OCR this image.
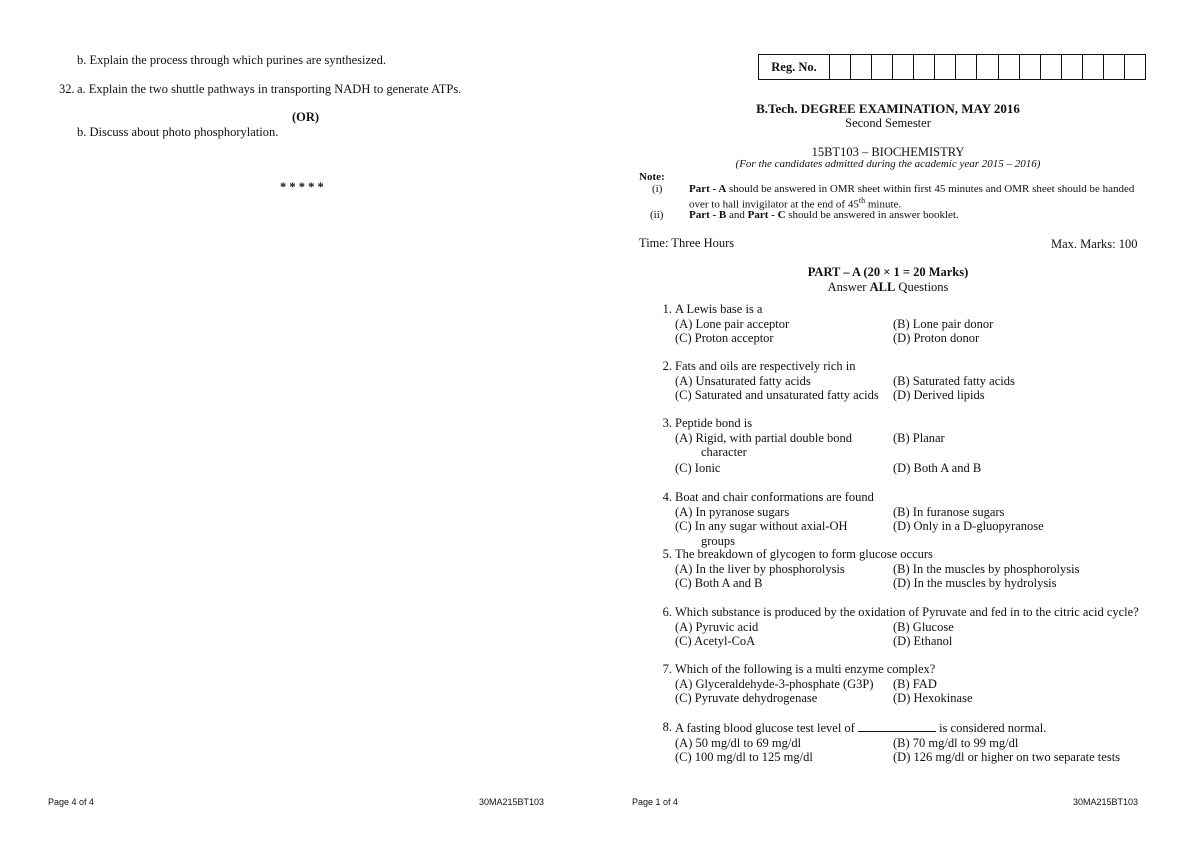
b. Explain the process through which purines are synthesized.
32. a. Explain the two shuttle pathways in transporting NADH to generate ATPs.
(OR)
b. Discuss about photo phosphorylation.
* * * * *
Page 4 of 4	30MA215BT103
Reg. No.
B.Tech. DEGREE EXAMINATION, MAY 2016
Second Semester
15BT103 – BIOCHEMISTRY
(For the candidates admitted during the academic year 2015 – 2016)
Note:
(i) Part - A should be answered in OMR sheet within first 45 minutes and OMR sheet should be handed
over to hall invigilator at the end of 45th minute.
(ii) Part - B and Part - C should be answered in answer booklet.
Time: Three Hours	Max. Marks: 100
PART – A (20 × 1 = 20 Marks)
Answer ALL Questions
1. A Lewis base is a
(A) Lone pair acceptor	(B) Lone pair donor
(C) Proton acceptor	(D) Proton donor
2. Fats and oils are respectively rich in
(A) Unsaturated fatty acids	(B) Saturated fatty acids
(C) Saturated and unsaturated fatty acids (D) Derived lipids
3. Peptide bond is
(A) Rigid, with partial double bond	(B) Planar
character
(C) Ionic	(D) Both A and B
4. Boat and chair conformations are found
(A) In pyranose sugars	(B) In furanose sugars
(C) In any sugar without axial-OH	(D) Only in a D-gluopyranose
groups
5. The breakdown of glycogen to form glucose occurs
(A) In the liver by phosphorolysis	(B) In the muscles by phosphorolysis
(C) Both A and B	(D) In the muscles by hydrolysis
6. Which substance is produced by the oxidation of Pyruvate and fed in to the citric acid cycle?
(A) Pyruvic acid	(B) Glucose
(C) Acetyl-CoA	(D) Ethanol
7. Which of the following is a multi enzyme complex?
(A) Glyceraldehyde-3-phosphate (G3P) (B) FAD
(C) Pyruvate dehydrogenase	(D) Hexokinase
8. A fasting blood glucose test level of	is considered normal.
(A) 50 mg/dl to 69 mg/dl	(B) 70 mg/dl to 99 mg/dl
(C) 100 mg/dl to 125 mg/dl	(D) 126 mg/dl or higher on two separate tests
Page 1 of 4	30MA215BT103
